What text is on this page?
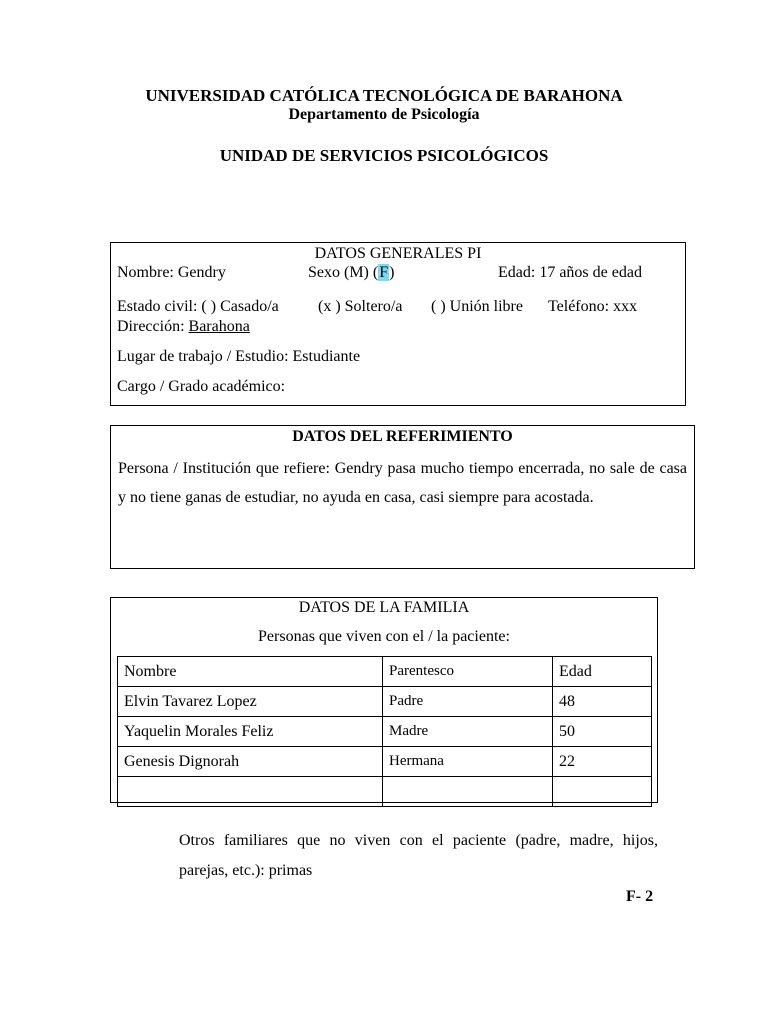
UNIVERSIDAD CATÓLICA TECNOLÓGICA DE BARAHONA
Departamento de Psicología
UNIDAD DE SERVICIOS PSICOLÓGICOS
DATOS GENERALES PI
Nombre: Gendry	Sexo (M) (F)	Edad: 17 años de edad
Estado civil: ( ) Casado/a (x ) Soltero/a ( ) Unión libre Teléfono: xxx
Dirección: Barahona
Lugar de trabajo / Estudio: Estudiante
Cargo / Grado académico:
DATOS DEL REFERIMIENTO
Persona / Institución que refiere: Gendry pasa mucho tiempo encerrada, no sale de casa y no tiene ganas de estudiar, no ayuda en casa, casi siempre para acostada.
DATOS DE LA FAMILIA
Personas que viven con el / la paciente:
Nombre	Parentesco	Edad
Elvin Tavarez Lopez	Padre	48
Yaquelin Morales Feliz	Madre	50
Genesis Dignorah	Hermana	22

Otros familiares que no viven con el paciente (padre, madre, hijos, parejas, etc.): primas
F- 2
